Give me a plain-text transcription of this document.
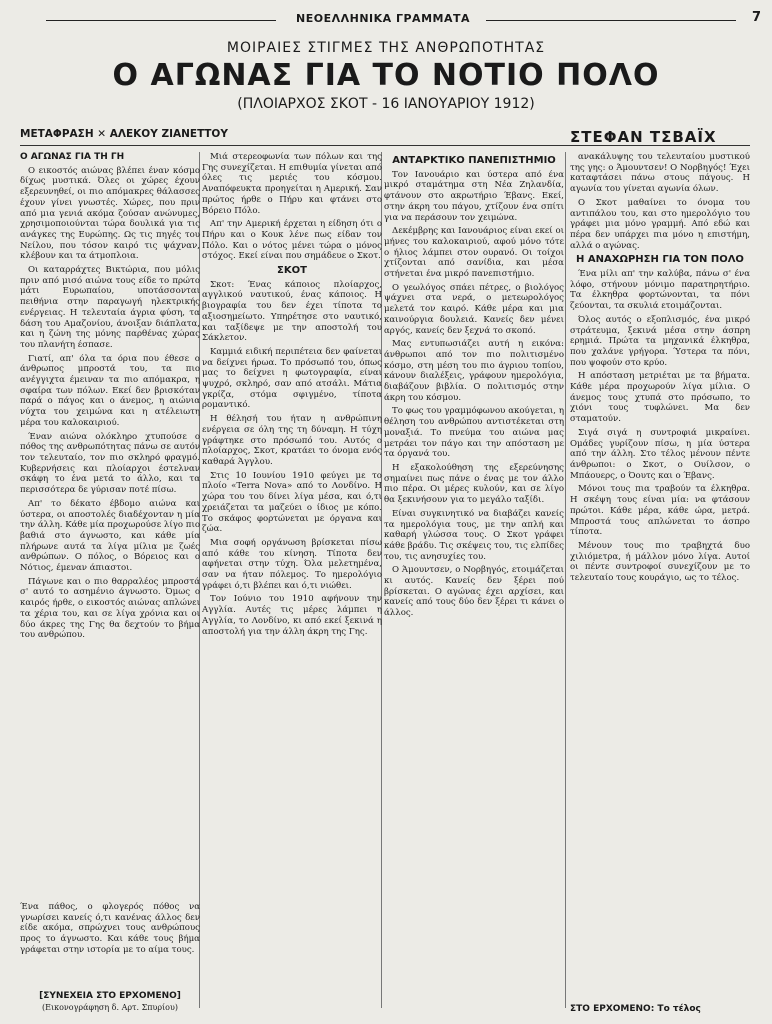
ΝΕΟΕΛΛΗΝΙΚΑ ΓΡΑΜΜΑΤΑ	7
ΜΟΙΡΑΙΕΣ ΣΤΙΓΜΕΣ ΤΗΣ ΑΝΘΡΩΠΟΤΗΤΑΣ
Ο ΑΓΩΝΑΣ ΓΙΑ ΤΟ ΝΟΤΙΟ ΠΟΛΟ
(ΠΛΟΙΑΡΧΟΣ ΣΚΟΤ - 16 ΙΑΝΟΥΑΡΙΟΥ 1912)
ΜΕΤΑΦΡΑΣΗ ✕ ΑΛΕΚΟΥ ΖΙΑΝΕΤΤΟΥ	ΣΤΕΦΑΝ ΤΣΒΑΪΧ
Ο ΑΓΩΝΑΣ ΓΙΑ ΤΗ ΓΗ

Ο εικοστός αιώνας βλέπει έναν κόσμο δίχως μυστικά. Όλες οι χώρες έχουν εξερευνηθεί, οι πιο απόμακρες θάλασσες έχουν γίνει γνωστές. Χώρες, που πριν από μια γενιά ακόμα ζούσαν ανώνυμες, χρησιμοποιούνται τώρα δουλικά για τις ανάγκες της Ευρώπης. Ως τις πηγές του Νείλου, που τόσον καιρό τις ψάχναν, κλέβουν και τα άτμοπλοια.

Οι καταρράχτες Βικτώρια, που μόλις πριν από μισό αιώνα τους είδε το πρώτο μάτι Ευρωπαίου, υποτάσσονται πειθήνια στην παραγωγή ηλεκτρικής ενέργειας. Η τελευταία άγρια φύση, τα δάση του Αμαζονίου, άνοιξαν διάπλατα, και η ζώνη της μόνης παρθένας χώρας του πλανήτη έσπασε.

Γιατί, απ' όλα τα όρια που έθεσε ο άνθρωπος μπροστά του, τα πιο ανέγγιχτα έμειναν τα πιο απόμακρα, η σφαίρα των πόλων. Εκεί δεν βρισκόταν παρά ο πάγος και ο άνεμος, η αιώνια νύχτα του χειμώνα και η ατέλειωτη μέρα του καλοκαιριού.

Έναν αιώνα ολόκληρο χτυπούσε ο πόθος της ανθρωπότητας πάνω σε αυτόν τον τελευταίο, τον πιο σκληρό φραγμό. Κυβερνήσεις και πλοίαρχοι έστελναν σκάφη το ένα μετά το άλλο, και τα περισσότερα δε γύρισαν ποτέ πίσω.

Απ' το δέκατο έβδομο αιώνα και ύστερα, οι αποστολές διαδέχονταν η μία την άλλη. Κάθε μία προχωρούσε λίγο πιο βαθιά στο άγνωστο, και κάθε μία πλήρωνε αυτά τα λίγα μίλια με ζωές ανθρώπων. Ο πόλος, ο Βόρειος και ο Νότιος, έμεναν άπιαστοι.

Πάγωνε και ο πιο θαρραλέος μπροστά σ' αυτό το ασημένιο άγνωστο. Όμως ο καιρός ήρθε, ο εικοστός αιώνας απλώνει τα χέρια του, και σε λίγα χρόνια και οι δύο άκρες της Γης θα δεχτούν το βήμα του ανθρώπου.

Ένα πάθος, ο φλογερός πόθος να γνωρίσει κανείς ό,τι κανένας άλλος δεν είδε ακόμα, σπρώχνει τους ανθρώπους προς το άγνωστο. Και κάθε τους βήμα γράφεται στην ιστορία με το αίμα τους.
[ΣΥΝΕΧΕΙΑ ΣΤΟ ΕΡΧΟΜΕΝΟ]
(Εικονογράφηση δ. Αρτ. Σπυρίου)

Μιά στερεοφωνία των πόλων και της Γης συνεχίζεται. Η επιθυμία γίνεται από όλες τις μεριές του κόσμου. Αναπόφευκτα προηγείται η Αμερική. Σαν πρώτος ήρθε ο Πήρυ και φτάνει στο Βόρειο Πόλο.

Απ' την Αμερική έρχεται η είδηση ότι ο Πήρυ και ο Κουκ λένε πως είδαν τον Πόλο. Και ο νότος μένει τώρα ο μόνος στόχος. Εκεί είναι που σημάδευε ο Σκοτ.

ΣΚΟΤ

Σκοτ: Ένας κάποιος πλοίαρχος, αγγλικού ναυτικού, ένας κάποιος. Η βιογραφία του δεν έχει τίποτα το αξιοσημείωτο. Υπηρέτησε στο ναυτικό, και ταξίδεψε με την αποστολή του Σάκλετον.

Καμμιά ειδική περιπέτεια δεν φαίνεται να δείχνει ήρωα. Το πρόσωπό του, όπως μας το δείχνει η φωτογραφία, είναι ψυχρό, σκληρό, σαν από ατσάλι. Μάτια γκρίζα, στόμα σφιγμένο, τίποτα ρομαντικό.

Η θέλησή του ήταν η ανθρώπινη ενέργεια σε όλη της τη δύναμη. Η τύχη γράφτηκε στο πρόσωπό του. Αυτός ο πλοίαρχος, Σκοτ, κρατάει το όνομα ενός καθαρά Άγγλου.

Στις 10 Ιουνίου 1910 φεύγει με το πλοίο «Terra Nova» από το Λονδίνο. Η χώρα του του δίνει λίγα μέσα, και ό,τι χρειάζεται τα μαζεύει ο ίδιος με κόπο. Το σκάφος φορτώνεται με όργανα και ζώα.

Μια σοφή οργάνωση βρίσκεται πίσω από κάθε του κίνηση. Τίποτα δεν αφήνεται στην τύχη. Όλα μελετημένα, σαν να ήταν πόλεμος. Το ημερολόγιο γράφει ό,τι βλέπει και ό,τι νιώθει.

Τον Ιούνιο του 1910 αφήνουν την Αγγλία. Αυτές τις μέρες λάμπει η Αγγλία, το Λονδίνο, κι από εκεί ξεκινά η αποστολή για την άλλη άκρη της Γης.

ΑΝΤΑΡΚΤΙΚΟ ΠΑΝΕΠΙΣΤΗΜΙΟ

Τον Ιανουάριο και ύστερα από ένα μικρό σταμάτημα στη Νέα Ζηλανδία, φτάνουν στο ακρωτήριο Έβανς. Εκεί, στην άκρη του πάγου, χτίζουν ένα σπίτι για να περάσουν τον χειμώνα.

Δεκέμβρης και Ιανουάριος είναι εκεί οι μήνες του καλοκαιριού, αφού μόνο τότε ο ήλιος λάμπει στον ουρανό. Οι τοίχοι χτίζονται από σανίδια, και μέσα στήνεται ένα μικρό πανεπιστήμιο.

Ο γεωλόγος σπάει πέτρες, ο βιολόγος ψάχνει στα νερά, ο μετεωρολόγος μελετά τον καιρό. Κάθε μέρα και μια καινούργια δουλειά. Κανείς δεν μένει αργός, κανείς δεν ξεχνά το σκοπό.

Μας εντυπωσιάζει αυτή η εικόνα: άνθρωποι από τον πιο πολιτισμένο κόσμο, στη μέση του πιο άγριου τοπίου, κάνουν διαλέξεις, γράφουν ημερολόγια, διαβάζουν βιβλία. Ο πολιτισμός στην άκρη του κόσμου.

Το φως του γραμμόφωνου ακούγεται, η θέληση του ανθρώπου αντιστέκεται στη μοναξιά. Το πνεύμα του αιώνα μας μετράει τον πάγο και την απόσταση με τα όργανά του.

Η εξακολούθηση της εξερεύνησης σημαίνει πως πάνε ο ένας με τον άλλο πιο πέρα. Οι μέρες κυλούν, και σε λίγο θα ξεκινήσουν για το μεγάλο ταξίδι.

Είναι συγκινητικό να διαβάζει κανείς τα ημερολόγια τους, με την απλή και καθαρή γλώσσα τους. Ο Σκοτ γράφει κάθε βράδυ. Τις σκέψεις του, τις ελπίδες του, τις ανησυχίες του.

Ο Άμουντσεν, ο Νορβηγός, ετοιμάζεται κι αυτός. Κανείς δεν ξέρει πού βρίσκεται. Ο αγώνας έχει αρχίσει, και κανείς από τους δύο δεν ξέρει τι κάνει ο άλλος.

ανακάλυψης του τελευταίου μυστικού της γης: ο Άμουντσεν! Ο Νορβηγός! Έχει καταφτάσει πάνω στους πάγους. Η αγωνία του γίνεται αγωνία όλων.

Ο Σκοτ μαθαίνει το όνομα του αντιπάλου του, και στο ημερολόγιο του γράφει μια μόνο γραμμή. Από εδώ και πέρα δεν υπάρχει πια μόνο η επιστήμη, αλλά ο αγώνας.

Η ΑΝΑΧΩΡΗΣΗ ΓΙΑ ΤΟΝ ΠΟΛΟ

Ένα μίλι απ' την καλύβα, πάνω σ' ένα λόφο, στήνουν μόνιμο παρατηρητήριο. Τα έλκηθρα φορτώνονται, τα πόνι ζεύονται, τα σκυλιά ετοιμάζονται.

Όλος αυτός ο εξοπλισμός, ένα μικρό στράτευμα, ξεκινά μέσα στην άσπρη ερημιά. Πρώτα τα μηχανικά έλκηθρα, που χαλάνε γρήγορα. Ύστερα τα πόνι, που ψοφούν στο κρύο.

Η απόσταση μετριέται με τα βήματα. Κάθε μέρα προχωρούν λίγα μίλια. Ο άνεμος τους χτυπά στο πρόσωπο, το χιόνι τους τυφλώνει. Μα δεν σταματούν.

Σιγά σιγά η συντροφιά μικραίνει. Ομάδες γυρίζουν πίσω, η μία ύστερα από την άλλη. Στο τέλος μένουν πέντε άνθρωποι: ο Σκοτ, ο Ουίλσον, ο Μπάουερς, ο Όουτς και ο Έβανς.

Μόνοι τους πια τραβούν τα έλκηθρα. Η σκέψη τους είναι μία: να φτάσουν πρώτοι. Κάθε μέρα, κάθε ώρα, μετρά. Μπροστά τους απλώνεται το άσπρο τίποτα.

Μένουν τους πιο τραβηχτά δυο χιλιόμετρα, ή μάλλον μόνο λίγα. Αυτοί οι πέντε συντροφοί συνεχίζουν με το τελευταίο τους κουράγιο, ως το τέλος.

ΣΤΟ ΕΡΧΟΜΕΝΟ: Το τέλος
